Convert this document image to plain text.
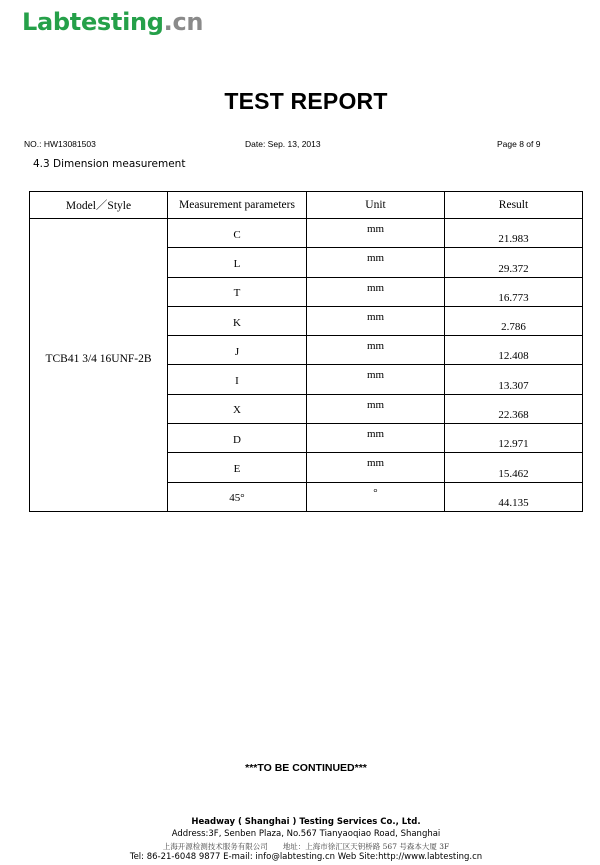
Labtesting.cn
TEST REPORT
NO.: HW13081503	Date: Sep. 13, 2013	Page 8 of 9
4.3 Dimension measurement
Model／Style	Measurement parameters	Unit	Result
TCB41 3/4 16UNF-2B	C	mm	21.983
	L	mm	29.372
	T	mm	16.773
	K	mm	2.786
	J	mm	12.408
	I	mm	13.307
	X	mm	22.368
	D	mm	12.971
	E	mm	15.462
	45°	°	44.135
***TO BE CONTINUED***
Headway ( Shanghai ) Testing Services Co., Ltd.
Address:3F, Senben Plaza, No.567 Tianyaoqiao Road, Shanghai
上海开源检测技术服务有限公司　　地址：上海市徐汇区天钥桥路 567 号森本大厦 3F
Tel: 86-21-6048 9877 E-mail: info@labtesting.cn Web Site:http://www.labtesting.cn
